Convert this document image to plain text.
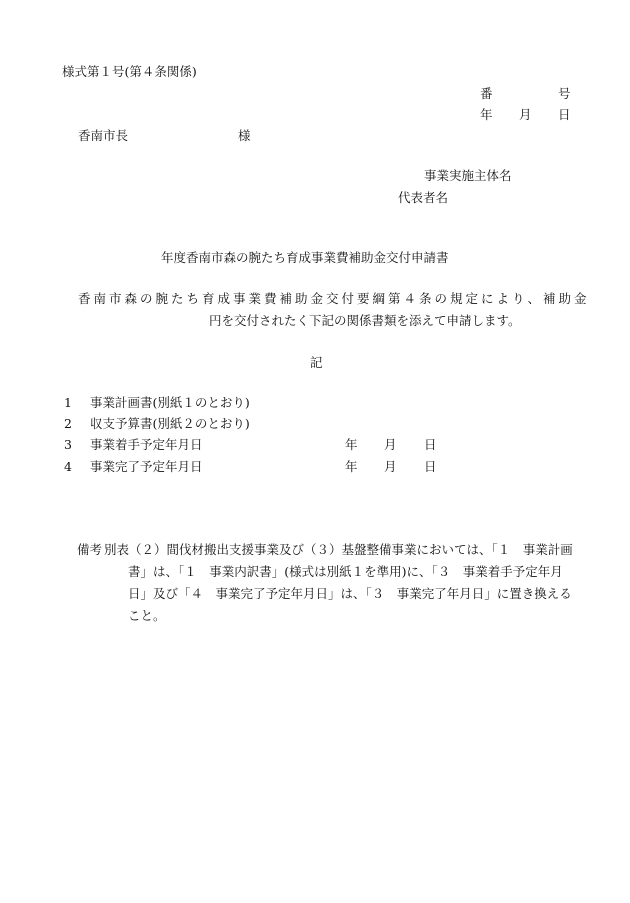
様式第１号(第４条関係)
番	号
年 月 日
香南市長	様
事業実施主体名
代表者名
年度香南市森の腕たち育成事業費補助金交付申請書
香南市森の腕たち育成事業費補助金交付要綱第４条の規定により、補助金
円を交付されたく下記の関係書類を添えて申請します。
記
1 事業計画書(別紙１のとおり)
2 収支予算書(別紙２のとおり)
3 事業着手予定年月日	年 月 日
4 事業完了予定年月日	年 月 日
備考 別表（２）間伐材搬出支援事業及び（３）基盤整備事業においては、「１　事業計画書」は、「１　事業内訳書」(様式は別紙１を準用)に、「３　事業着手予定年月日」及び「４　事業完了予定年月日」は、「３　事業完了年月日」に置き換えること。
